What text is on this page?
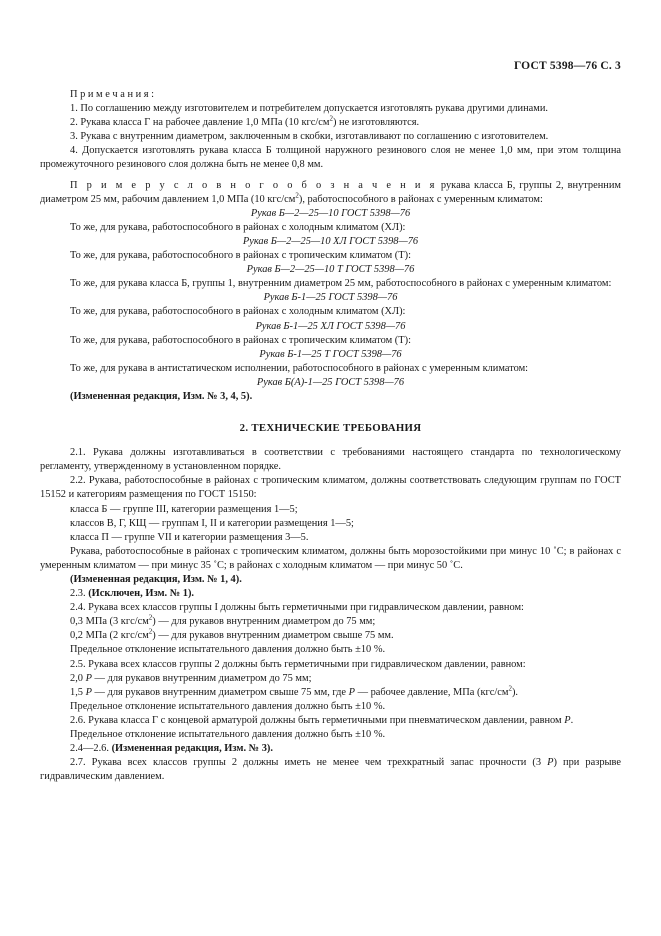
ГОСТ 5398—76 С. 3

П р и м е ч а н и я :

1. По соглашению между изготовителем и потребителем допускается изготовлять рукава другими длинами.

2. Рукава класса Г на рабочее давление 1,0 МПа (10 кгс/$см^2$) не изготовляются.

3. Рукава с внутренним диаметром, заключенным в скобки, изготавливают по соглашению с изготовителем.

4. Допускается изготовлять рукава класса Б толщиной наружного резинового слоя не менее 1,0 мм, при этом толщина промежуточного резинового слоя должна быть не менее 0,8 мм.

П р и м е р у с л о в н о г о о б о з н а ч е н и я рукава класса Б, группы 2, внутренним диаметром 25 мм, рабочим давлением 1,0 МПа (10 кгс/$см^2$), работоспособного в районах с умеренным климатом:

Рукав Б—2—25—10 ГОСТ 5398—76

То же, для рукава, работоспособного в районах с холодным климатом (ХЛ):

Рукав Б—2—25—10 ХЛ ГОСТ 5398—76

То же, для рукава, работоспособного в районах с тропическим климатом (Т):

Рукав Б—2—25—10 Т ГОСТ 5398—76

То же, для рукава класса Б, группы 1, внутренним диаметром 25 мм, работоспособного в районах с умеренным климатом:

Рукав Б-1—25 ГОСТ 5398—76

То же, для рукава, работоспособного в районах с холодным климатом (ХЛ):

Рукав Б-1—25 ХЛ ГОСТ 5398—76

То же, для рукава, работоспособного в районах с тропическим климатом (Т):

Рукав Б-1—25 Т ГОСТ 5398—76

То же, для рукава в антистатическом исполнении, работоспособного в районах с умеренным климатом:

Рукав Б(А)-1—25 ГОСТ 5398—76

(Измененная редакция, Изм. № 3, 4, 5).

2. ТЕХНИЧЕСКИЕ ТРЕБОВАНИЯ

2.1. Рукава должны изготавливаться в соответствии с требованиями настоящего стандарта по технологическому регламенту, утвержденному в установленном порядке.

2.2. Рукава, работоспособные в районах с тропическим климатом, должны соответствовать следующим группам по ГОСТ 15152 и категориям размещения по ГОСТ 15150:

класса Б — группе III, категории размещения 1—5;

классов В, Г, КЩ — группам I, II и категории размещения 1—5;

класса П — группе VII и категории размещения 3—5.

Рукава, работоспособные в районах с тропическим климатом, должны быть морозостойкими при минус 10 ˚С; в районах с умеренным климатом — при минус 35 ˚С; в районах с холодным климатом — при минус 50 ˚С.

(Измененная редакция, Изм. № 1, 4).

2.3. (Исключен, Изм. № 1).

2.4. Рукава всех классов группы I должны быть герметичными при гидравлическом давлении, равном:

0,3 МПа (3 кгс/$см^2$) — для рукавов внутренним диаметром до 75 мм;

0,2 МПа (2 кгс/$см^2$) — для рукавов внутренним диаметром свыше 75 мм.

Предельное отклонение испытательного давления должно быть ±10 %.

2.5. Рукава всех классов группы 2 должны быть герметичными при гидравлическом давлении, равном:

2,0 P — для рукавов внутренним диаметром до 75 мм;

1,5 P — для рукавов внутренним диаметром свыше 75 мм, где P — рабочее давление, МПа $(кгс/см^2)$.

Предельное отклонение испытательного давления должно быть ±10 %.

2.6. Рукава класса Г с концевой арматурой должны быть герметичными при пневматическом давлении, равном P.

Предельное отклонение испытательного давления должно быть ±10 %.

2.4—2.6. (Измененная редакция, Изм. № 3).

2.7. Рукава всех классов группы 2 должны иметь не менее чем трехкратный запас прочности (3 P) при разрыве гидравлическим давлением.
